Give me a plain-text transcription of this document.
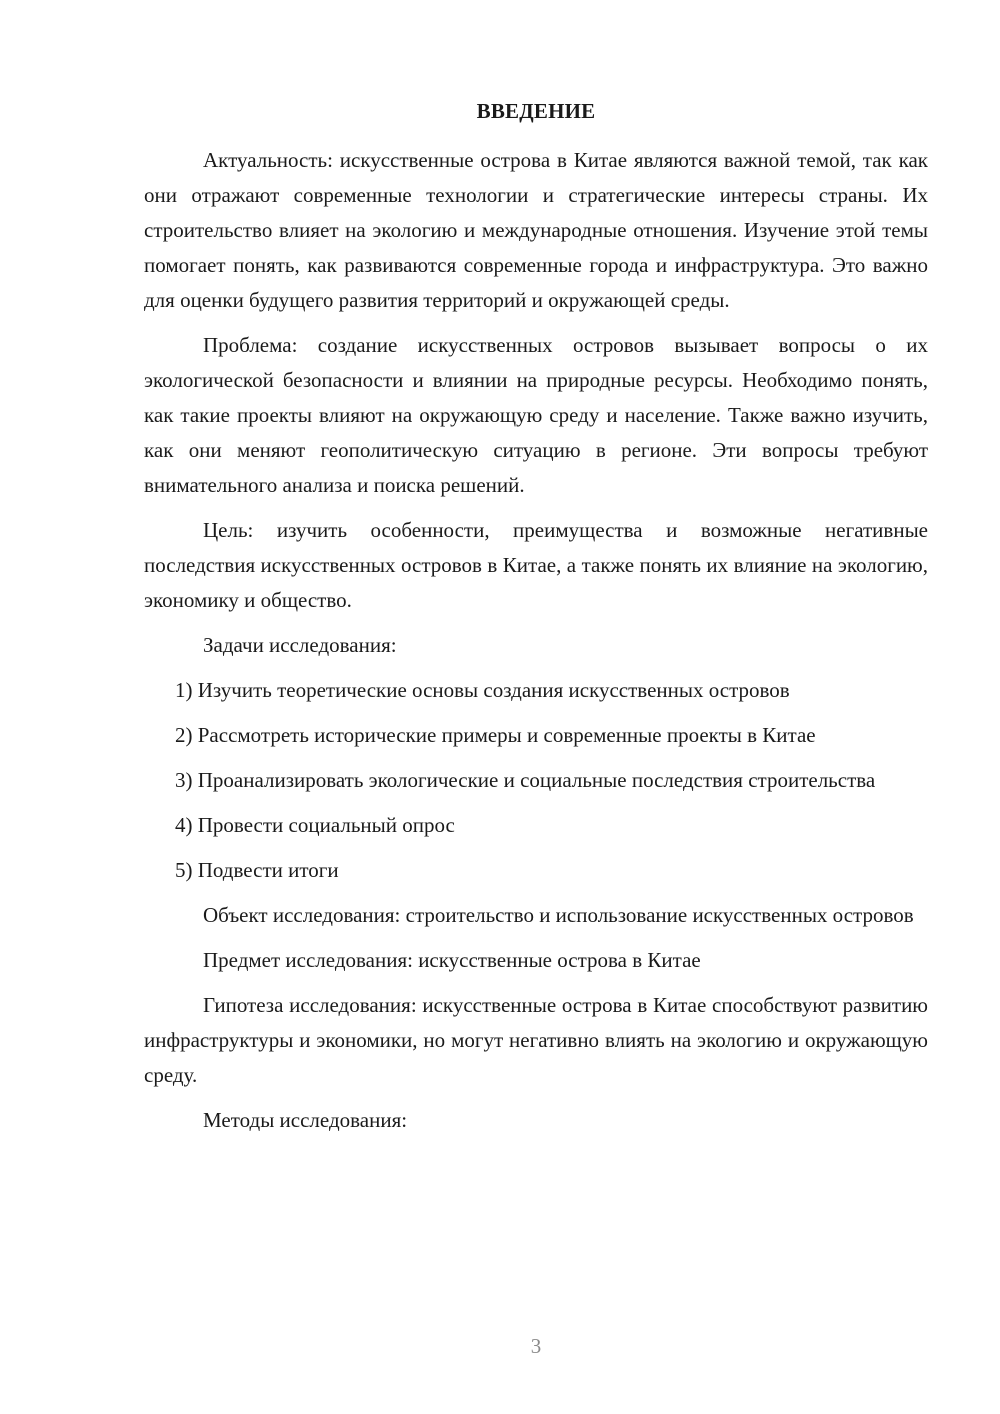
ВВЕДЕНИЕ

Актуальность: искусственные острова в Китае являются важной темой, так как они отражают современные технологии и стратегические интересы страны. Их строительство влияет на экологию и международные отношения. Изучение этой темы помогает понять, как развиваются современные города и инфраструктура. Это важно для оценки будущего развития территорий и окружающей среды.

Проблема: создание искусственных островов вызывает вопросы о их экологической безопасности и влиянии на природные ресурсы. Необходимо понять, как такие проекты влияют на окружающую среду и население. Также важно изучить, как они меняют геополитическую ситуацию в регионе. Эти вопросы требуют внимательного анализа и поиска решений.

Цель: изучить особенности, преимущества и возможные негативные последствия искусственных островов в Китае, а также понять их влияние на экологию, экономику и общество.

Задачи исследования:

1) Изучить теоретические основы создания искусственных островов

2) Рассмотреть исторические примеры и современные проекты в Китае

3) Проанализировать экологические и социальные последствия строительства

4) Провести социальный опрос

5) Подвести итоги

Объект исследования: строительство и использование искусственных островов

Предмет исследования: искусственные острова в Китае

Гипотеза исследования: искусственные острова в Китае способствуют развитию инфраструктуры и экономики, но могут негативно влиять на экологию и окружающую среду.

Методы исследования:

3
